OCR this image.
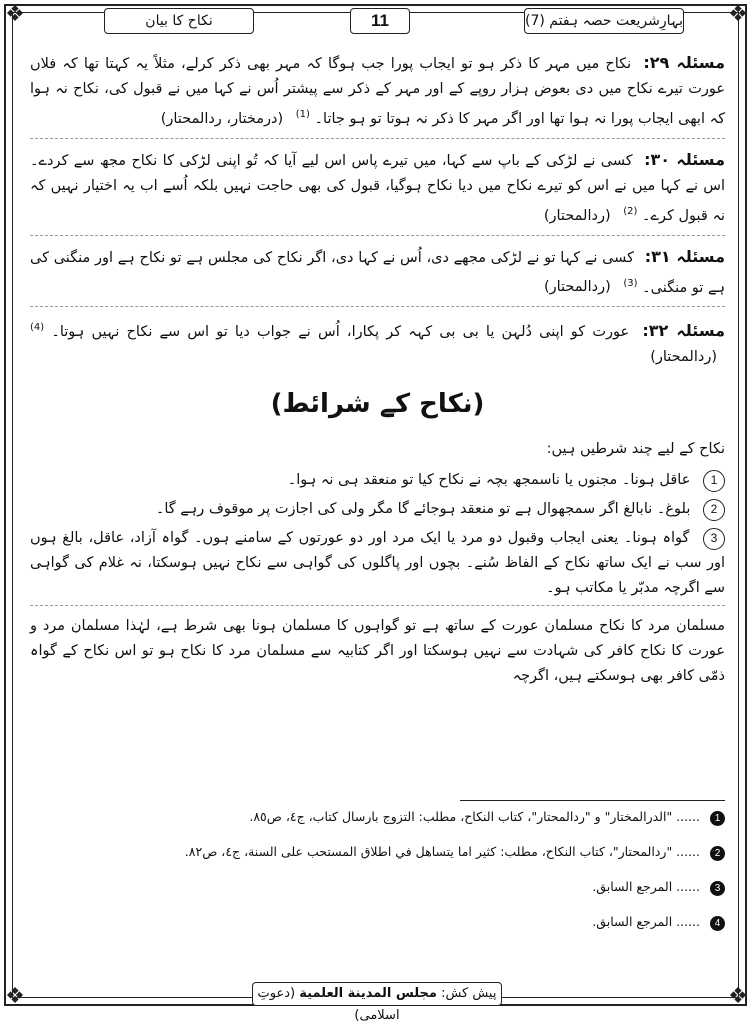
❖	❖
❖	❖
نکاح کا بیان	11	بہارِشریعت حصہ ہفتم (7)

مسئلہ ۲۹: نکاح میں مہر کا ذکر ہو تو ایجاب پورا جب ہوگا کہ مہر بھی ذکر کرلے، مثلاً یہ کہتا تھا کہ فلاں عورت تیرے نکاح میں دی بعوض ہزار روپے کے اور مہر کے ذکر سے پیشتر اُس نے کہا میں نے قبول کی، نکاح نہ ہوا کہ ابھی ایجاب پورا نہ ہوا تھا اور اگر مہر کا ذکر نہ ہوتا تو ہو جاتا۔ $^{(1)}$ (درمختار، ردالمحتار)

مسئلہ ۳۰: کسی نے لڑکی کے باپ سے کہا، میں تیرے پاس اس لیے آیا کہ تُو اپنی لڑکی کا نکاح مجھ سے کردے۔ اس نے کہا میں نے اس کو تیرے نکاح میں دیا نکاح ہوگیا، قبول کی بھی حاجت نہیں بلکہ اُسے اب یہ اختیار نہیں کہ نہ قبول کرے۔ $^{(2)}$ (ردالمحتار)

مسئلہ ۳۱: کسی نے کہا تو نے لڑکی مجھے دی، اُس نے کہا دی، اگر نکاح کی مجلس ہے تو نکاح ہے اور منگنی کی ہے تو منگنی۔ $^{(3)}$ (ردالمحتار)

مسئلہ ۳۲: عورت کو اپنی دُلہن یا بی بی کہہ کر پکارا، اُس نے جواب دیا تو اس سے نکاح نہیں ہوتا۔ $^{(4)}$ (ردالمحتار)

(نکاح کے شرائط)

نکاح کے لیے چند شرطیں ہیں:

1 عاقل ہونا۔ مجنوں یا ناسمجھ بچہ نے نکاح کیا تو منعقد ہی نہ ہوا۔

2 بلوغ۔ نابالغ اگر سمجھوال ہے تو منعقد ہوجائے گا مگر ولی کی اجازت پر موقوف رہے گا۔

3 گواہ ہونا۔ یعنی ایجاب وقبول دو مرد یا ایک مرد اور دو عورتوں کے سامنے ہوں۔ گواہ آزاد، عاقل، بالغ ہوں اور سب نے ایک ساتھ نکاح کے الفاظ سُنے۔ بچوں اور پاگلوں کی گواہی سے نکاح نہیں ہوسکتا، نہ غلام کی گواہی سے اگرچہ مدبّر یا مکاتب ہو۔

مسلمان مرد کا نکاح مسلمان عورت کے ساتھ ہے تو گواہوں کا مسلمان ہونا بھی شرط ہے، لہٰذا مسلمان مرد و عورت کا نکاح کافر کی شہادت سے نہیں ہوسکتا اور اگر کتابیہ سے مسلمان مرد کا نکاح ہو تو اس نکاح کے گواہ ذمّی کافر بھی ہوسکتے ہیں، اگرچہ

1 ...... "الدرالمختار" و "ردالمحتار"، كتاب النكاح، مطلب: التزوج بارسال كتاب، ج٤، ص٨٥.

2 ...... "ردالمحتار"، كتاب النكاح، مطلب: كثير اما يتساهل في اطلاق المستحب على السنة، ج٤، ص٨٢.

3 ...... المرجع السابق.

4 ...... المرجع السابق.

پیش کش: مجلس المدينة العلمية (دعوتِ اسلامی)
